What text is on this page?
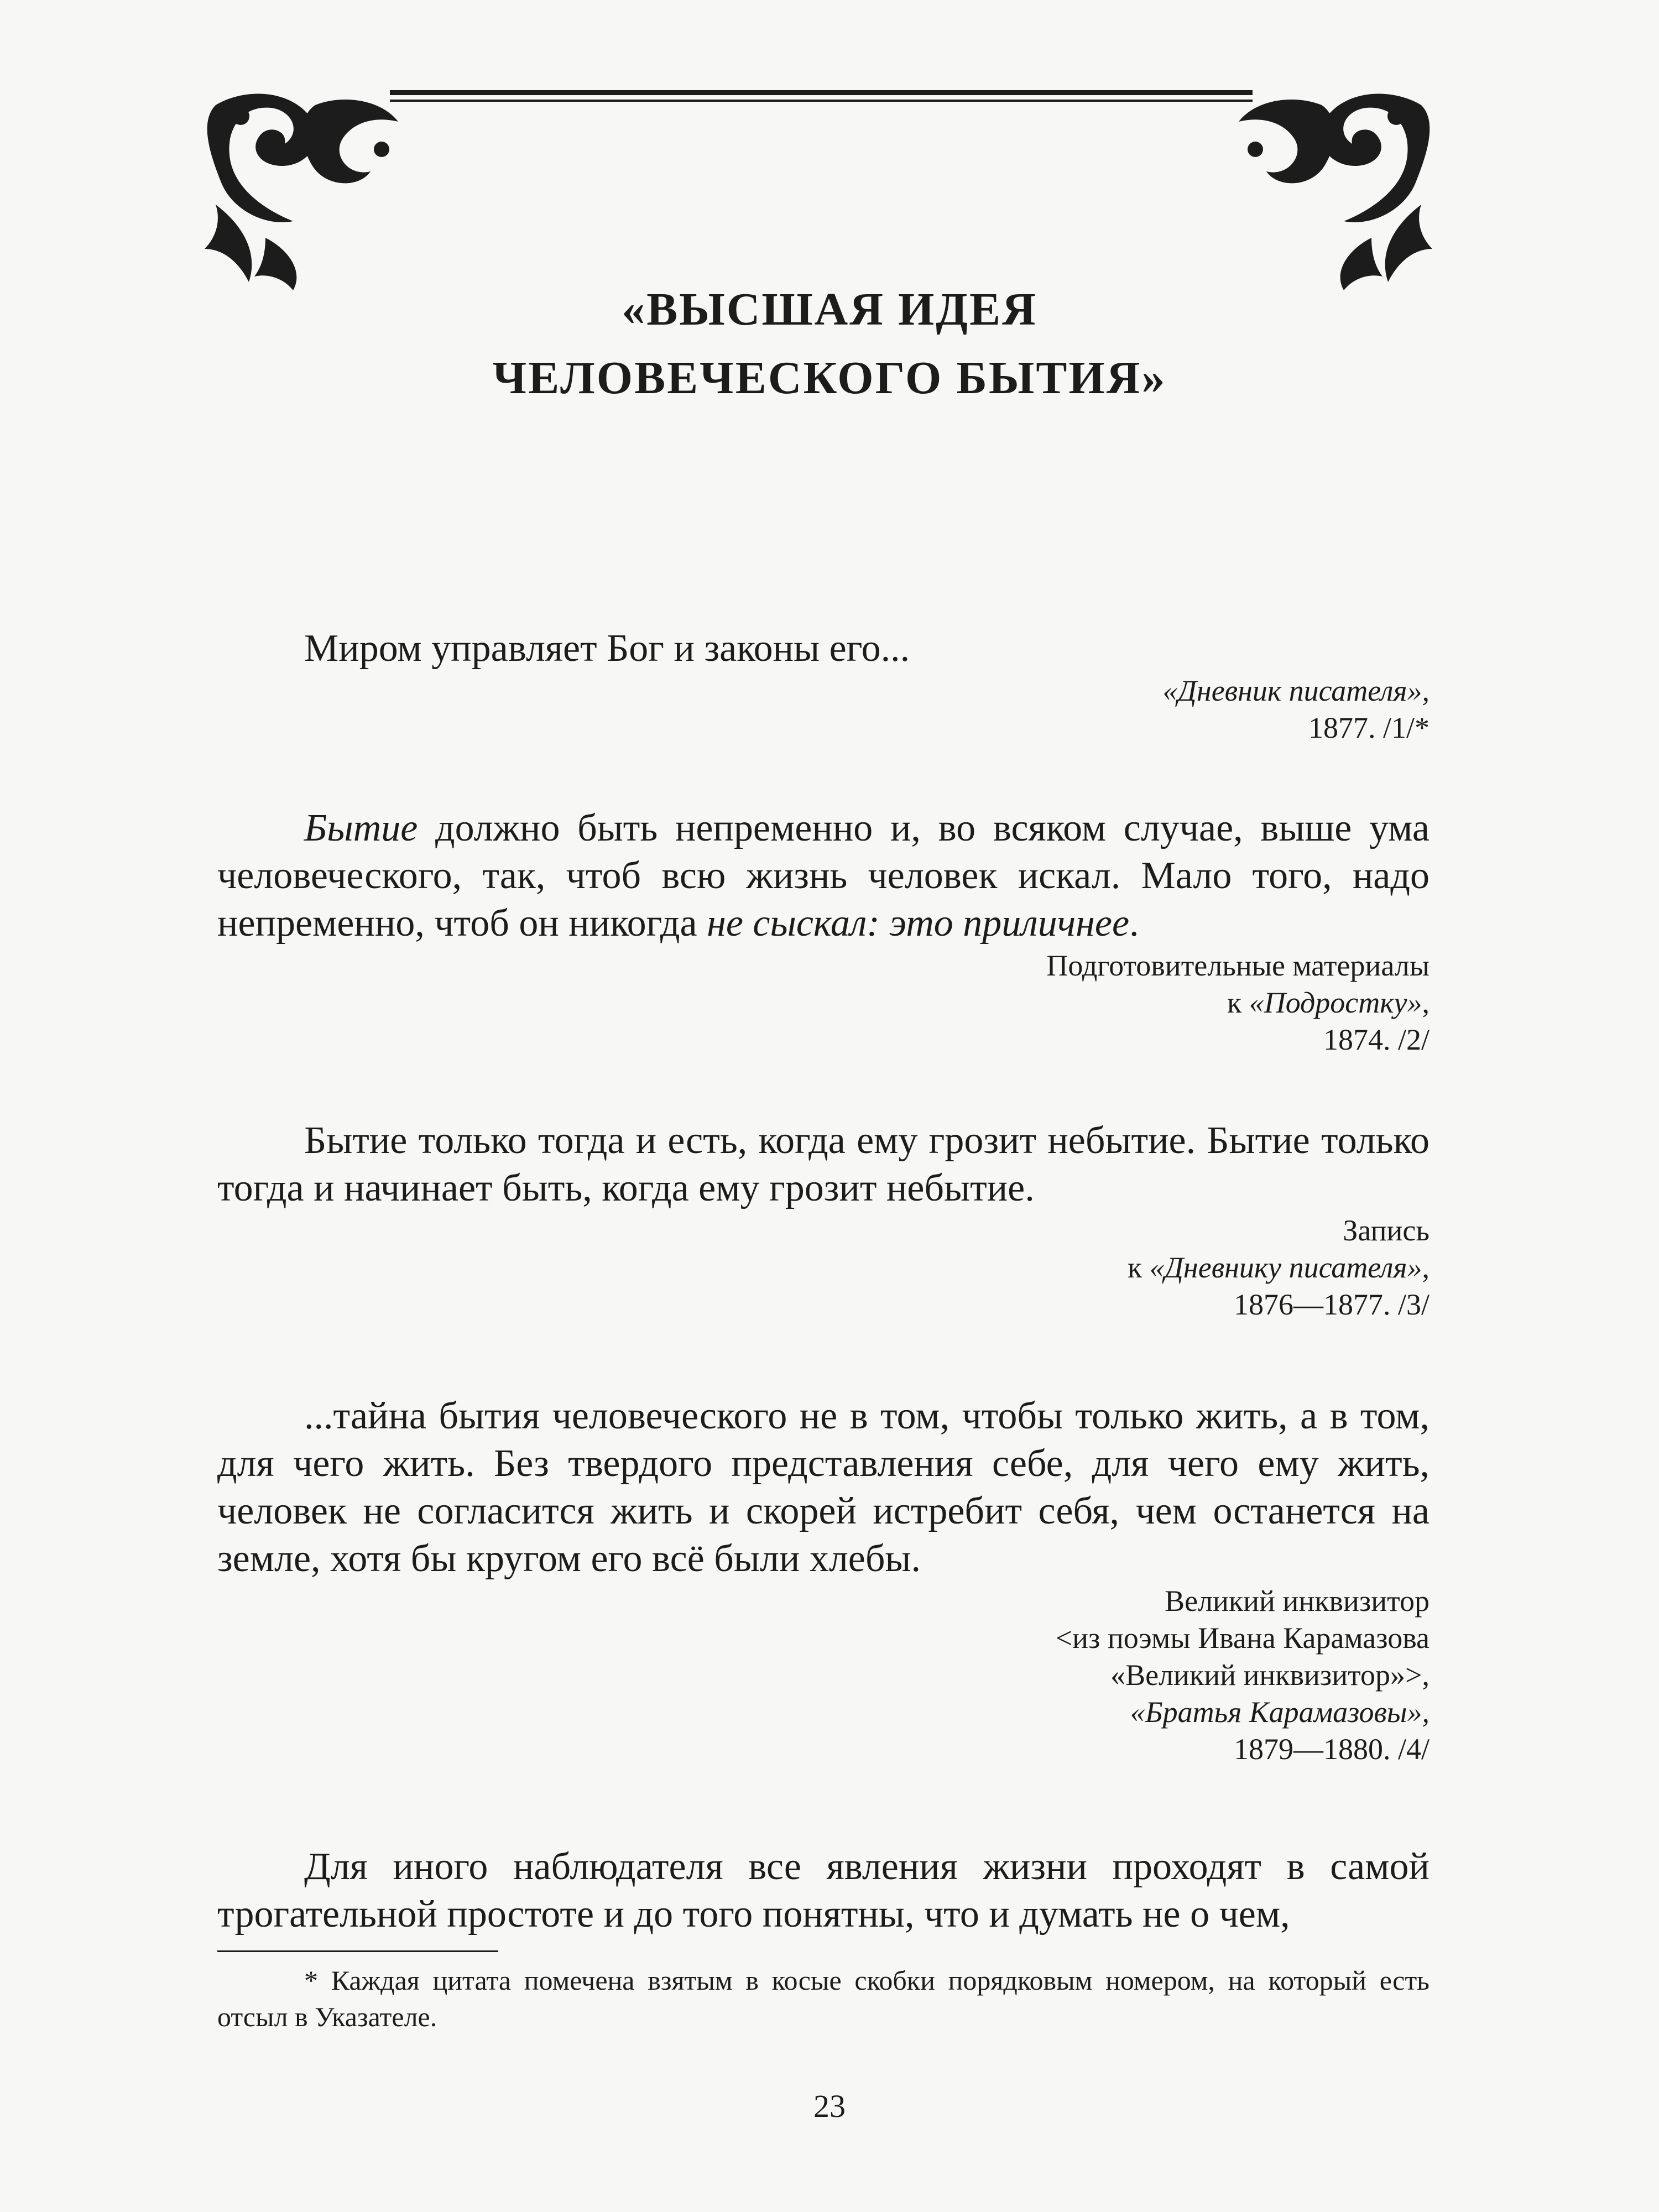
«ВЫСШАЯ ИДЕЯ
ЧЕЛОВЕЧЕСКОГО БЫТИЯ»

Миром управляет Бог и законы его...

«Дневник писателя»,

1877. /1/*

Бытие должно быть непременно и, во всяком случае, выше ума человеческого, так, чтоб всю жизнь человек искал. Мало того, надо непременно, чтоб он никогда не сыскал: это приличнее.

Подготовительные материалы

к «Подростку»,

1874. /2/

Бытие только тогда и есть, когда ему грозит небытие. Бытие только тогда и начинает быть, когда ему грозит небытие.

Запись

к «Дневнику писателя»,

1876—1877. /3/

...тайна бытия человеческого не в том, чтобы только жить, а в том, для чего жить. Без твердого представления себе, для чего ему жить, человек не согласится жить и скорей истребит себя, чем останется на земле, хотя бы кругом его всё были хлебы.

Великий инквизитор

<из поэмы Ивана Карамазова

«Великий инквизитор»>,

«Братья Карамазовы»,

1879—1880. /4/

Для иного наблюдателя все явления жизни проходят в самой трогательной простоте и до того понятны, что и думать не о чем,

* Каждая цитата помечена взятым в косые скобки порядковым номером, на который есть отсыл в Указателе.

23
